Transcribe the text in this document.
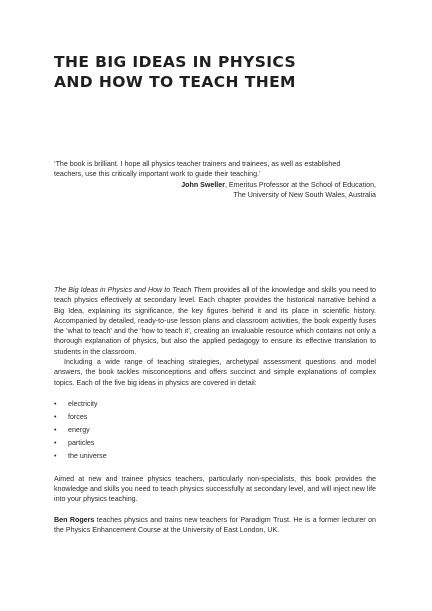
THE BIG IDEAS IN PHYSICS
AND HOW TO TEACH THEM

‘The book is brilliant. I hope all physics teacher trainers and trainees, as well as established

teachers, use this critically important work to guide their teaching.’

John Sweller, Emeritus Professor at the School of Education,

The University of New South Wales, Australia

The Big Ideas in Physics and How to Teach Them provides all of the knowledge and skills you need to teach physics effectively at secondary level. Each chapter provides the historical narrative behind a Big Idea, explaining its significance, the key figures behind it and its place in scientific history. Accompanied by detailed, ready-to-use lesson plans and classroom activities, the book expertly fuses the ‘what to teach’ and the ‘how to teach it’, creating an invaluable resource which contains not only a thorough explanation of physics, but also the applied pedagogy to ensure its effective translation to students in the classroom.

Including a wide range of teaching strategies, archetypal assessment questions and model answers, the book tackles misconceptions and offers succinct and simple explanations of complex topics. Each of the five big ideas in physics are covered in detail:

• electricity
• forces
• energy
• particles
• the universe

Aimed at new and trainee physics teachers, particularly non-specialists, this book provides the knowledge and skills you need to teach physics successfully at secondary level, and will inject new life into your physics teaching.

Ben Rogers teaches physics and trains new teachers for Paradigm Trust. He is a former lecturer on the Physics Enhancement Course at the University of East London, UK.
